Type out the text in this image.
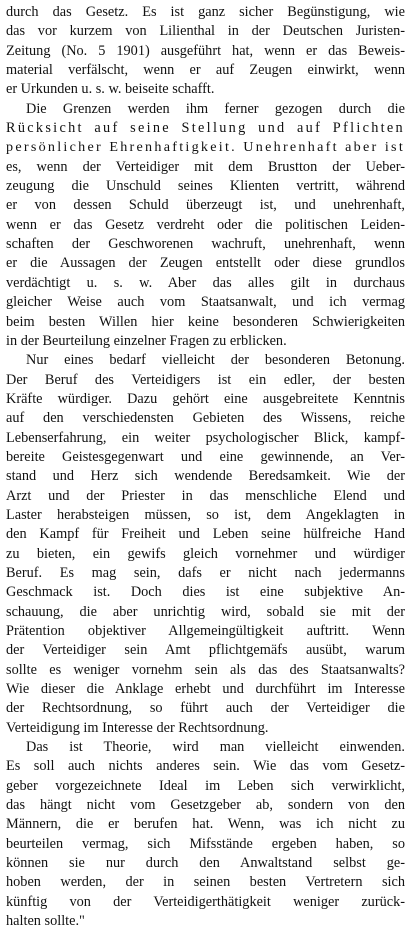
durch das Gesetz. Es ist ganz sicher Begünstigung, wie
das vor kurzem von Lilienthal in der Deutschen Juristen-
Zeitung (No. 5 1901) ausgeführt hat, wenn er das Beweis-
material verfälscht, wenn er auf Zeugen einwirkt, wenn
er Urkunden u. s. w. beiseite schafft.

Die Grenzen werden ihm ferner gezogen durch die
Rücksicht auf seine Stellung und auf Pflichten
persönlicher Ehrenhaftigkeit. Unehrenhaft aber ist
es, wenn der Verteidiger mit dem Brustton der Ueber-
zeugung die Unschuld seines Klienten vertritt, während
er von dessen Schuld überzeugt ist, und unehrenhaft,
wenn er das Gesetz verdreht oder die politischen Leiden-
schaften der Geschworenen wachruft, unehrenhaft, wenn
er die Aussagen der Zeugen entstellt oder diese grundlos
verdächtigt u. s. w. Aber das alles gilt in durchaus
gleicher Weise auch vom Staatsanwalt, und ich vermag
beim besten Willen hier keine besonderen Schwierigkeiten
in der Beurteilung einzelner Fragen zu erblicken.

Nur eines bedarf vielleicht der besonderen Betonung.
Der Beruf des Verteidigers ist ein edler, der besten
Kräfte würdiger. Dazu gehört eine ausgebreitete Kenntnis
auf den verschiedensten Gebieten des Wissens, reiche
Lebenserfahrung, ein weiter psychologischer Blick, kampf-
bereite Geistesgegenwart und eine gewinnende, an Ver-
stand und Herz sich wendende Beredsamkeit. Wie der
Arzt und der Priester in das menschliche Elend und
Laster herabsteigen müssen, so ist, dem Angeklagten in
den Kampf für Freiheit und Leben seine hülfreiche Hand
zu bieten, ein gewifs gleich vornehmer und würdiger
Beruf. Es mag sein, dafs er nicht nach jedermanns
Geschmack ist. Doch dies ist eine subjektive An-
schauung, die aber unrichtig wird, sobald sie mit der
Prätention objektiver Allgemeingültigkeit auftritt. Wenn
der Verteidiger sein Amt pflichtgemäfs ausübt, warum
sollte es weniger vornehm sein als das des Staatsanwalts?
Wie dieser die Anklage erhebt und durchführt im Interesse
der Rechtsordnung, so führt auch der Verteidiger die
Verteidigung im Interesse der Rechtsordnung.

Das ist Theorie, wird man vielleicht einwenden.
Es soll auch nichts anderes sein. Wie das vom Gesetz-
geber vorgezeichnete Ideal im Leben sich verwirklicht,
das hängt nicht vom Gesetzgeber ab, sondern von den
Männern, die er berufen hat. Wenn, was ich nicht zu
beurteilen vermag, sich Mifsstände ergeben haben, so
können sie nur durch den Anwaltstand selbst ge-
hoben werden, der in seinen besten Vertretern sich
künftig von der Verteidigerthätigkeit weniger zurück-
halten sollte."
